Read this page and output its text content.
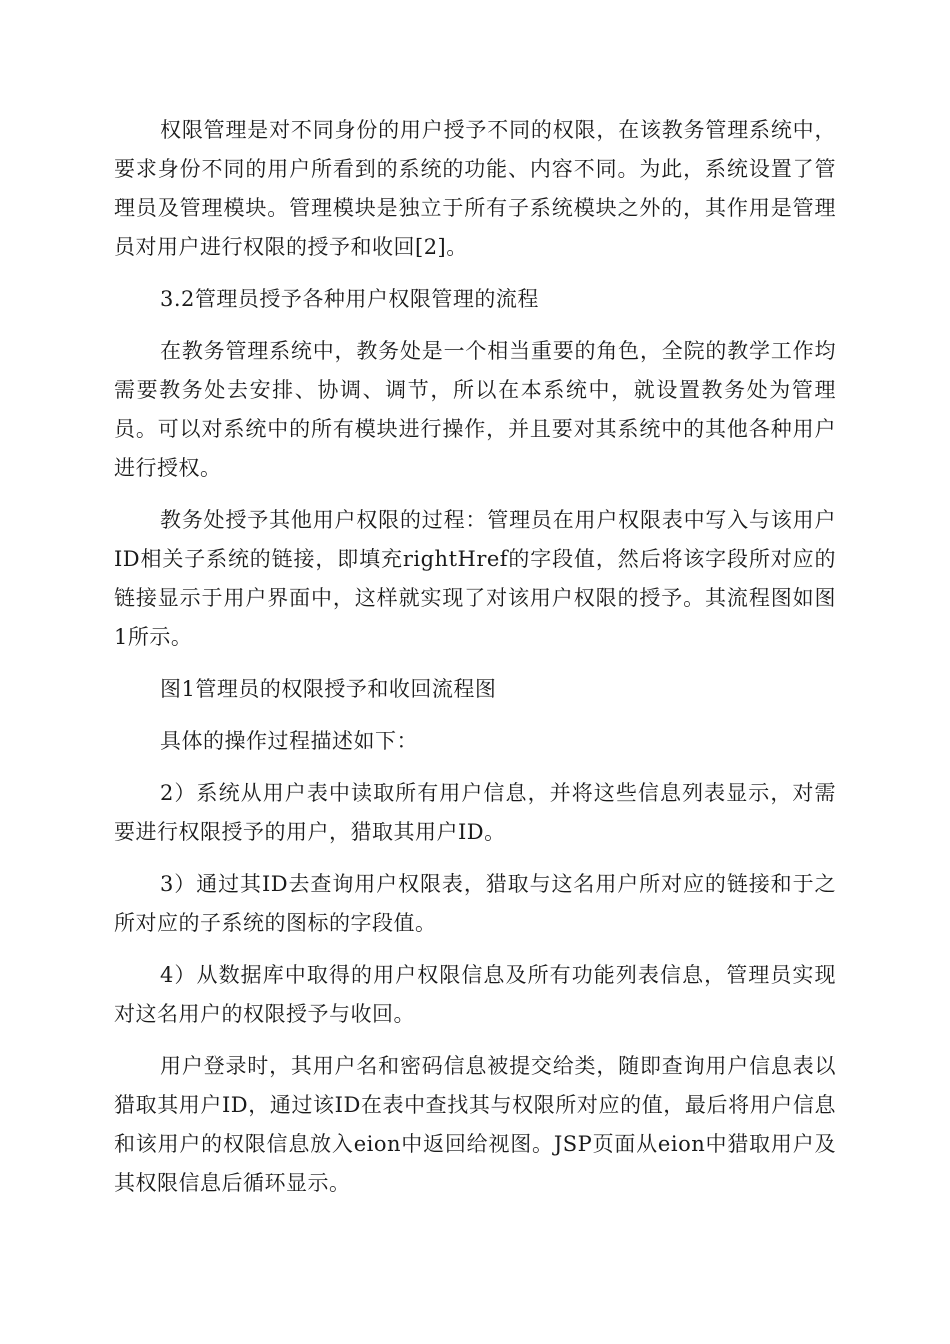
权限管理是对不同身份的用户授予不同的权限，在该教务管理系统中，要求身份不同的用户所看到的系统的功能、内容不同。为此，系统设置了管理员及管理模块。管理模块是独立于所有子系统模块之外的，其作用是管理员对用户进行权限的授予和收回[2]。

3.2管理员授予各种用户权限管理的流程

在教务管理系统中，教务处是一个相当重要的角色，全院的教学工作均需要教务处去安排、协调、调节，所以在本系统中，就设置教务处为管理员。可以对系统中的所有模块进行操作，并且要对其系统中的其他各种用户进行授权。

教务处授予其他用户权限的过程：管理员在用户权限表中写入与该用户ID相关子系统的链接，即填充rightHref的字段值，然后将该字段所对应的链接显示于用户界面中，这样就实现了对该用户权限的授予。其流程图如图1所示。

图1管理员的权限授予和收回流程图

具体的操作过程描述如下：

2）系统从用户表中读取所有用户信息，并将这些信息列表显示，对需要进行权限授予的用户，猎取其用户ID。

3）通过其ID去查询用户权限表，猎取与这名用户所对应的链接和于之所对应的子系统的图标的字段值。

4）从数据库中取得的用户权限信息及所有功能列表信息，管理员实现对这名用户的权限授予与收回。

用户登录时，其用户名和密码信息被提交给类，随即查询用户信息表以猎取其用户ID，通过该ID在表中查找其与权限所对应的值，最后将用户信息和该用户的权限信息放入eion中返回给视图。JSP页面从eion中猎取用户及其权限信息后循环显示。
